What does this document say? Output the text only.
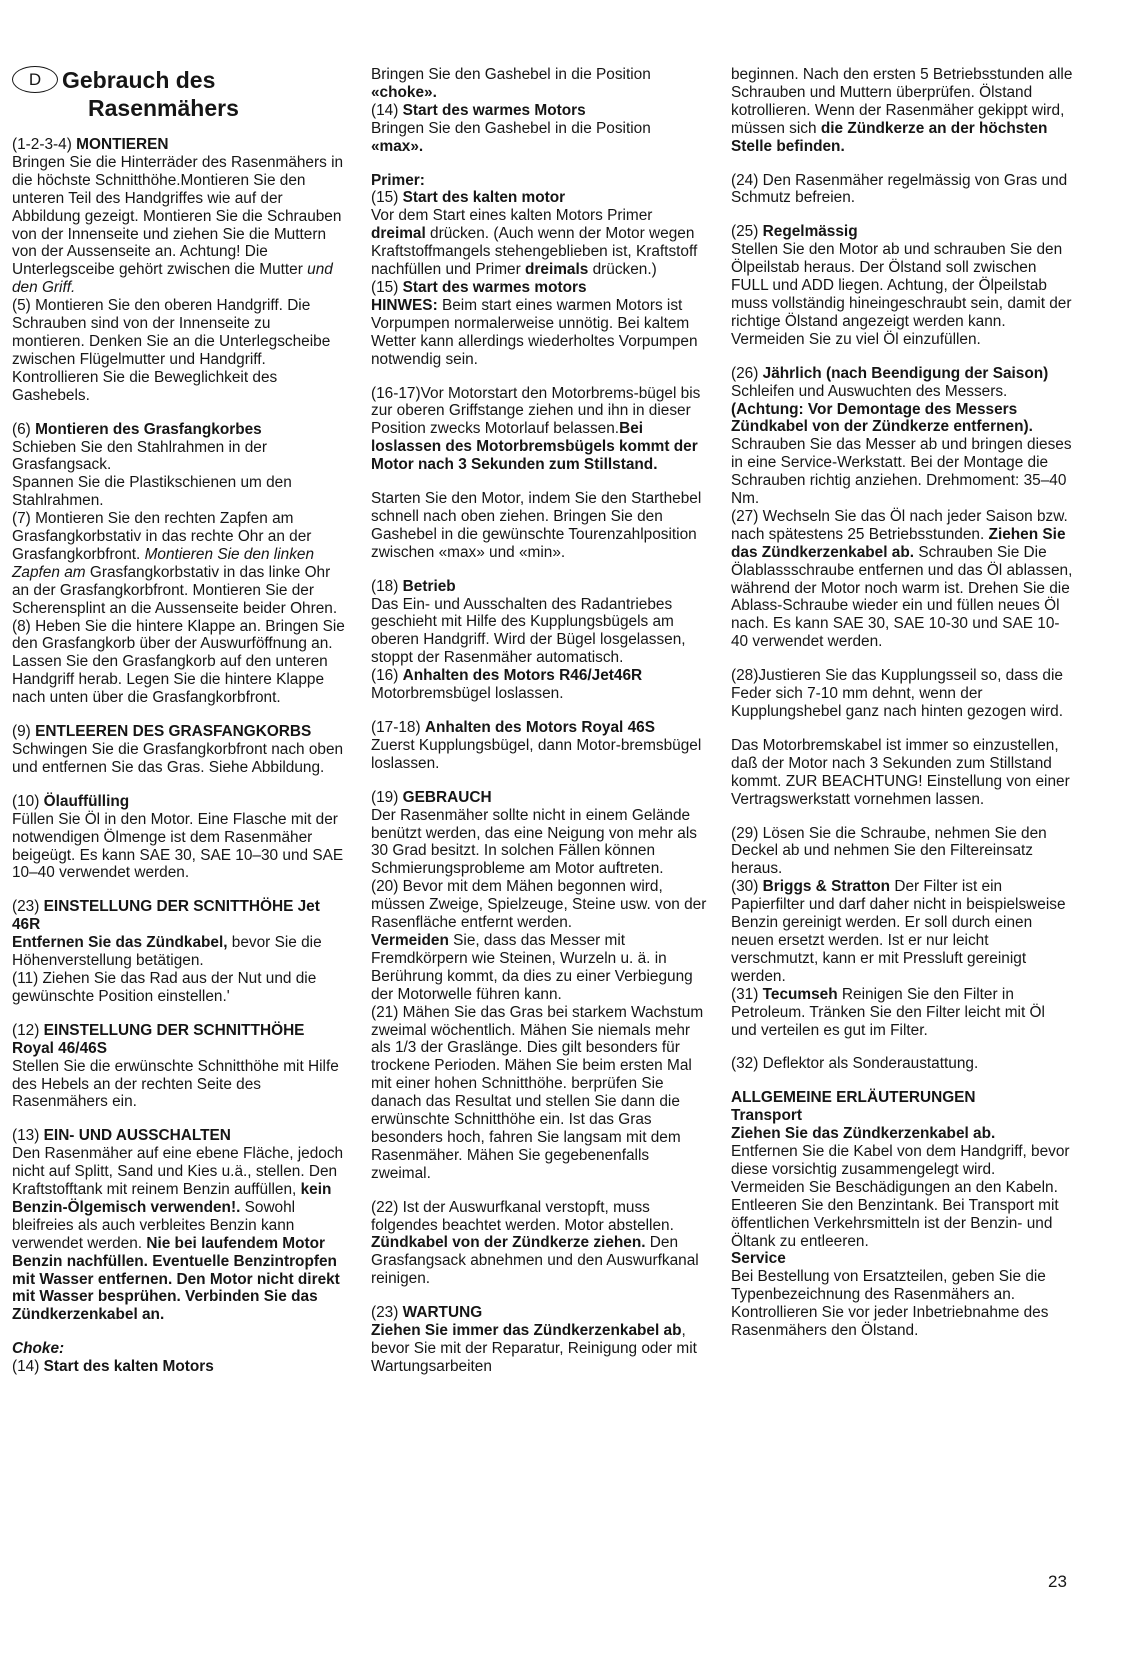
D Gebrauch des
Rasenmähers

(1-2-3-4) MONTIEREN
Bringen Sie die Hinterräder des Rasenmähers in die höchste Schnitthöhe.Montieren Sie den unteren Teil des Handgriffes wie auf der Abbildung gezeigt. Montieren Sie die Schrauben von der Innenseite und ziehen Sie die Muttern von der Aussenseite an. Achtung! Die Unterlegsceibe gehört zwischen die Mutter und den Griff.

(5) Montieren Sie den oberen Handgriff. Die Schrauben sind von der Innenseite zu montieren. Denken Sie an die Unterlegscheibe zwischen Flügelmutter und Handgriff.

Kontrollieren Sie die Beweglichkeit des Gashebels.

(6) Montieren des Grasfangkorbes
Schieben Sie den Stahlrahmen in der Grasfangsack.
Spannen Sie die Plastikschienen um den Stahlrahmen.

(7) Montieren Sie den rechten Zapfen am Grasfangkorbstativ in das rechte Ohr an der Grasfangkorbfront. Montieren Sie den linken Zapfen am Grasfangkorbstativ in das linke Ohr an der Grasfangkorbfront. Montieren Sie der Scherensplint an die Aussenseite beider Ohren.

(8) Heben Sie die hintere Klappe an. Bringen Sie den Grasfangkorb über der Auswurföffnung an. Lassen Sie den Grasfangkorb auf den unteren Handgriff herab. Legen Sie die hintere Klappe nach unten über die Grasfangkorbfront.

(9) ENTLEEREN DES GRASFANGKORBS
Schwingen Sie die Grasfangkorbfront nach oben und entfernen Sie das Gras. Siehe Abbildung.

(10) Ölauffülling
Füllen Sie Öl in den Motor. Eine Flasche mit der notwendigen Ölmenge ist dem Rasenmäher beigeügt. Es kann SAE 30, SAE 10–30 und SAE 10–40 verwendet werden.

(23) EINSTELLUNG DER SCNITTHÖHE Jet 46R
Entfernen Sie das Zündkabel, bevor Sie die Höhenverstellung betätigen.

(11) Ziehen Sie das Rad aus der Nut und die gewünschte Position einstellen.'

(12) EINSTELLUNG DER SCHNITTHÖHE Royal 46/46S
Stellen Sie die erwünschte Schnitthöhe mit Hilfe des Hebels an der rechten Seite des Rasenmähers ein.

(13) EIN- UND AUSSCHALTEN
Den Rasenmäher auf eine ebene Fläche, jedoch nicht auf Splitt, Sand und Kies u.ä., stellen. Den Kraftstofftank mit reinem Benzin auffüllen, kein Benzin-Ölgemisch verwenden!. Sowohl bleifreies als auch verbleites Benzin kann verwendet werden. Nie bei laufendem Motor Benzin nachfüllen. Eventuelle Benzintropfen mit Wasser entfernen. Den Motor nicht direkt mit Wasser besprühen. Verbinden Sie das Zündkerzenkabel an.

Choke:
(14) Start des kalten Motors

Bringen Sie den Gashebel in die Position «choke».

(14) Start des warmes Motors
Bringen Sie den Gashebel in die Position «max».

Primer:
(15) Start des kalten motor
Vor dem Start eines kalten Motors Primer dreimal drücken. (Auch wenn der Motor wegen Kraftstoffmangels stehengeblieben ist, Kraftstoff nachfüllen und Primer dreimals drücken.)

(15) Start des warmes motors
HINWES: Beim start eines warmen Motors ist Vorpumpen normalerweise unnötig. Bei kaltem Wetter kann allerdings wiederholtes Vorpumpen notwendig sein.

(16-17)Vor Motorstart den Motorbrems-bügel bis zur oberen Griffstange ziehen und ihn in dieser Position zwecks Motorlauf belassen.Bei loslassen des Motorbremsbügels kommt der Motor nach 3 Sekunden zum Stillstand.

Starten Sie den Motor, indem Sie den Starthebel schnell nach oben ziehen. Bringen Sie den Gashebel in die gewünschte Tourenzahlposition zwischen «max» und «min».

(18) Betrieb
Das Ein- und Ausschalten des Radantriebes geschieht mit Hilfe des Kupplungsbügels am oberen Handgriff. Wird der Bügel losgelassen, stoppt der Rasenmäher automatisch.

(16) Anhalten des Motors R46/Jet46R
Motorbremsbügel loslassen.

(17-18) Anhalten des Motors Royal 46S
Zuerst Kupplungsbügel, dann Motor-bremsbügel loslassen.

(19) GEBRAUCH
Der Rasenmäher sollte nicht in einem Gelände benützt werden, das eine Neigung von mehr als 30 Grad besitzt. In solchen Fällen können Schmierungsprobleme am Motor auftreten.

(20) Bevor mit dem Mähen begonnen wird, müssen Zweige, Spielzeuge, Steine usw. von der Rasenfläche entfernt werden.

Vermeiden Sie, dass das Messer mit Fremdkörpern wie Steinen, Wurzeln u. ä. in Berührung kommt, da dies zu einer Verbiegung der Motorwelle führen kann.

(21) Mähen Sie das Gras bei starkem Wachstum zweimal wöchentlich. Mähen Sie niemals mehr als 1/3 der Graslänge. Dies gilt besonders für trockene Perioden. Mähen Sie beim ersten Mal mit einer hohen Schnitthöhe. berprüfen Sie danach das Resultat und stellen Sie dann die erwünschte Schnitthöhe ein. Ist das Gras besonders hoch, fahren Sie langsam mit dem Rasenmäher. Mähen Sie gegebenenfalls zweimal.

(22) Ist der Auswurfkanal verstopft, muss folgendes beachtet werden. Motor abstellen. Zündkabel von der Zündkerze ziehen. Den Grasfangsack abnehmen und den Auswurfkanal reinigen.

(23) WARTUNG
Ziehen Sie immer das Zündkerzenkabel ab, bevor Sie mit der Reparatur, Reinigung oder mit Wartungsarbeiten

beginnen. Nach den ersten 5 Betriebsstunden alle Schrauben und Muttern überprüfen. Ölstand kotrollieren. Wenn der Rasenmäher gekippt wird, müssen sich die Zündkerze an der höchsten Stelle befinden.

(24) Den Rasenmäher regelmässig von Gras und Schmutz befreien.

(25) Regelmässig
Stellen Sie den Motor ab und schrauben Sie den Ölpeilstab heraus. Der Ölstand soll zwischen FULL und ADD liegen. Achtung, der Ölpeilstab muss vollständig hineingeschraubt sein, damit der richtige Ölstand angezeigt werden kann. Vermeiden Sie zu viel Öl einzufüllen.

(26) Jährlich (nach Beendigung der Saison)
Schleifen und Auswuchten des Messers. (Achtung: Vor Demontage des Messers Zündkabel von der Zündkerze entfernen). Schrauben Sie das Messer ab und bringen dieses in eine Service-Werkstatt. Bei der Montage die Schrauben richtig anziehen. Drehmoment: 35–40 Nm.

(27) Wechseln Sie das Öl nach jeder Saison bzw. nach spätestens 25 Betriebsstunden. Ziehen Sie das Zündkerzenkabel ab. Schrauben Sie Die Ölablassschraube entfernen und das Öl ablassen, während der Motor noch warm ist. Drehen Sie die Ablass-Schraube wieder ein und füllen neues Öl nach. Es kann SAE 30, SAE 10-30 und SAE 10-40 verwendet werden.

(28)Justieren Sie das Kupplungsseil so, dass die Feder sich 7-10 mm dehnt, wenn der Kupplungshebel ganz nach hinten gezogen wird.

Das Motorbremskabel ist immer so einzustellen, daß der Motor nach 3 Sekunden zum Stillstand kommt. ZUR BEACHTUNG! Einstellung von einer Vertragswerkstatt vornehmen lassen.

(29) Lösen Sie die Schraube, nehmen Sie den Deckel ab und nehmen Sie den Filtereinsatz heraus.

(30) Briggs & Stratton Der Filter ist ein Papierfilter und darf daher nicht in beispielsweise Benzin gereinigt werden. Er soll durch einen neuen ersetzt werden. Ist er nur leicht verschmutzt, kann er mit Pressluft gereinigt werden.

(31) Tecumseh Reinigen Sie den Filter in Petroleum. Tränken Sie den Filter leicht mit Öl und verteilen es gut im Filter.

(32) Deflektor als Sonderaustattung.

ALLGEMEINE ERLÄUTERUNGEN
Transport
Ziehen Sie das Zündkerzenkabel ab.
Entfernen Sie die Kabel von dem Handgriff, bevor diese vorsichtig zusammengelegt wird. Vermeiden Sie Beschädigungen an den Kabeln. Entleeren Sie den Benzintank. Bei Transport mit öffentlichen Verkehrsmitteln ist der Benzin- und Öltank zu entleeren.

Service
Bei Bestellung von Ersatzteilen, geben Sie die Typenbezeichnung des Rasenmähers an. Kontrollieren Sie vor jeder Inbetriebnahme des Rasenmähers den Ölstand.

23
